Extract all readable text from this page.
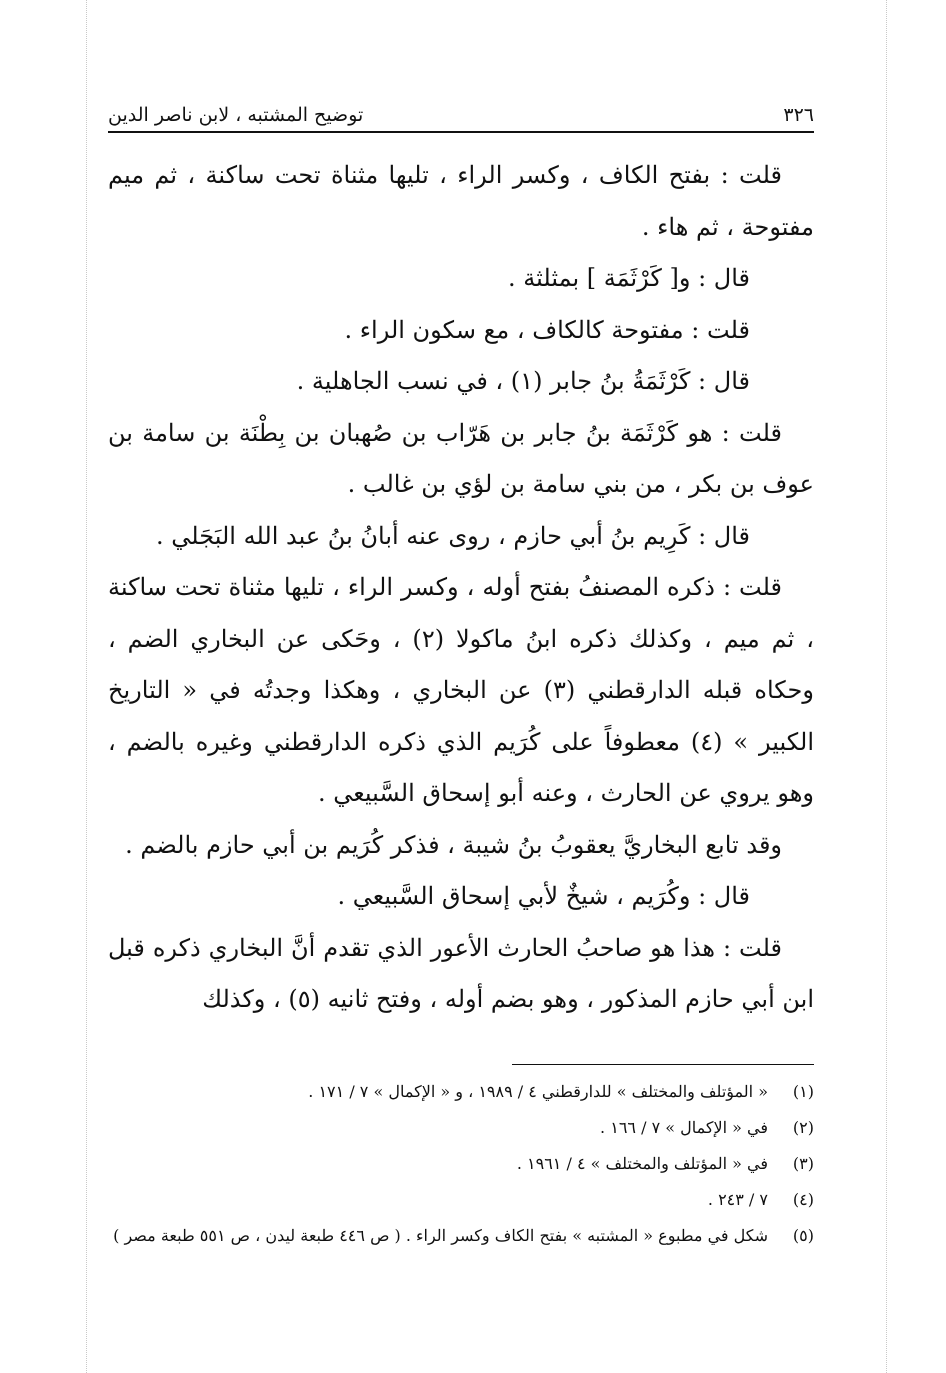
٣٢٦
توضيح المشتبه ، لابن ناصر الدين

قلت : بفتح الكاف ، وكسر الراء ، تليها مثناة تحت ساكنة ، ثم ميم مفتوحة ، ثم هاء .

قال : و[ كَرْثَمَة ] بمثلثة .

قلت : مفتوحة كالكاف ، مع سكون الراء .

قال : كَرْثَمَةُ بنُ جابر (١) ، في نسب الجاهلية .

قلت : هو كَرْثَمَة بنُ جابر بن هَرّاب بن صُهبان بن بِطْنَة بن سامة بن عوف بن بكر ، من بني سامة بن لؤي بن غالب .

قال : كَرِيم بنُ أبي حازم ، روى عنه أبانُ بنُ عبد الله البَجَلي .

قلت : ذكره المصنفُ بفتح أوله ، وكسر الراء ، تليها مثناة تحت ساكنة ، ثم ميم ، وكذلك ذكره ابنُ ماكولا (٢) ، وحَكى عن البخاري الضم ، وحكاه قبله الدارقطني (٣) عن البخاري ، وهكذا وجدتُه في « التاريخ الكبير » (٤) معطوفاً على كُرَيم الذي ذكره الدارقطني وغيره بالضم ، وهو يروي عن الحارث ، وعنه أبو إسحاق السَّبيعي .

وقد تابع البخاريَّ يعقوبُ بنُ شيبة ، فذكر كُرَيم بن أبي حازم بالضم .

قال : وكُرَيم ، شيخٌ لأبي إسحاق السَّبيعي .

قلت : هذا هو صاحبُ الحارث الأعور الذي تقدم أنَّ البخاري ذكره قبل ابن أبي حازم المذكور ، وهو بضم أوله ، وفتح ثانيه (٥) ، وكذلك

(١)
« المؤتلف والمختلف » للدارقطني ٤ / ١٩٨٩ ، و « الإكمال » ٧ / ١٧١ .
(٢)
في « الإكمال » ٧ / ١٦٦ .
(٣)
في « المؤتلف والمختلف » ٤ / ١٩٦١ .
(٤)
٧ / ٢٤٣ .
(٥)
شكل في مطبوع « المشتبه » بفتح الكاف وكسر الراء . ( ص ٤٤٦ طبعة ليدن ، ص ٥٥١ طبعة مصر )
